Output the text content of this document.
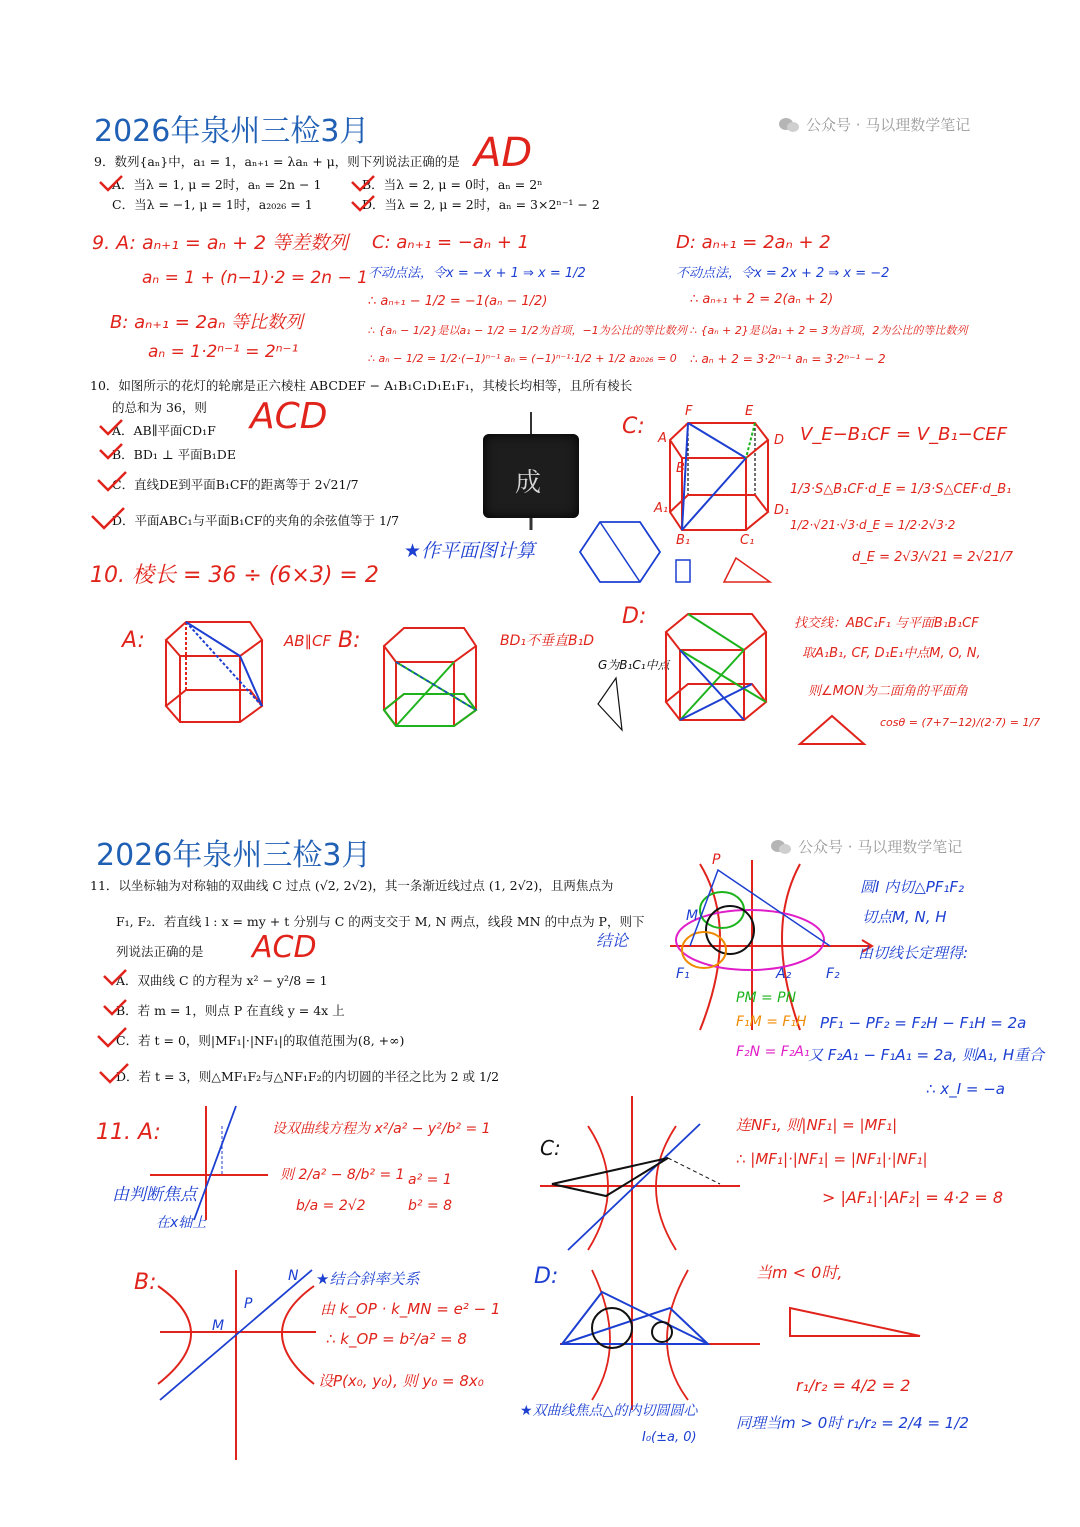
2026年泉州三检3月	公众号 · 马以理数学笔记
9．数列{aₙ}中，a₁ = 1，aₙ₊₁ = λaₙ + μ，则下列说法正确的是
A．当λ = 1, μ = 2时，aₙ = 2n − 1	B．当λ = 2, μ = 0时，aₙ = 2ⁿ
C．当λ = −1, μ = 1时，a₂₀₂₆ = 1	D．当λ = 2, μ = 2时，aₙ = 3×2ⁿ⁻¹ − 2
AD
9. A: aₙ₊₁ = aₙ + 2 等差数列
aₙ = 1 + (n−1)·2 = 2n − 1
B: aₙ₊₁ = 2aₙ 等比数列
aₙ = 1·2ⁿ⁻¹ = 2ⁿ⁻¹
C: aₙ₊₁ = −aₙ + 1
不动点法，令x = −x + 1 ⇒ x = 1/2
∴ aₙ₊₁ − 1/2 = −1(aₙ − 1/2)
∴ {aₙ − 1/2}是以a₁ − 1/2 = 1/2为首项，−1为公比的等比数列
∴ aₙ − 1/2 = 1/2·(−1)ⁿ⁻¹ aₙ = (−1)ⁿ⁻¹·1/2 + 1/2 a₂₀₂₆ = 0
D: aₙ₊₁ = 2aₙ + 2
不动点法，令x = 2x + 2 ⇒ x = −2
∴ aₙ₊₁ + 2 = 2(aₙ + 2)
∴ {aₙ + 2}是以a₁ + 2 = 3为首项，2为公比的等比数列
∴ aₙ + 2 = 3·2ⁿ⁻¹ aₙ = 3·2ⁿ⁻¹ − 2
10．如图所示的花灯的轮廓是正六棱柱 ABCDEF − A₁B₁C₁D₁E₁F₁，其棱长均相等，且所有棱长
的总和为 36，则
A．AB∥平面CD₁F
B．BD₁ ⊥ 平面B₁DE
C．直线DE到平面B₁CF的距离等于 2√21/7
D．平面ABC₁与平面B₁CF的夹角的余弦值等于 1/7
ACD
成
★作平面图计算
10. 棱长 = 36 ÷ (6×3) = 2
C:
F	E
A	D
A₁
B₁	C₁
D₁
B
V_E−B₁CF = V_B₁−CEF
1/3·S△B₁CF·d_E = 1/3·S△CEF·d_B₁
1/2·√21·√3·d_E = 1/2·2√3·2
d_E = 2√3/√21 = 2√21/7
A:	AB∥CF B:	BD₁不垂直B₁D
D:
G为B₁C₁中点
找交线：ABC₁F₁ 与平面B₁B₁CF
取A₁B₁, CF, D₁E₁中点M, O, N,
则∠MON为二面角的平面角
cosθ = (7+7−12)/(2·7) = 1/7
2026年泉州三检3月	公众号 · 马以理数学笔记
11．以坐标轴为对称轴的双曲线 C 过点 (√2, 2√2)，其一条渐近线过点 (1, 2√2)，且两焦点为
F₁, F₂．若直线 l : x = my + t 分别与 C 的两支交于 M, N 两点，线段 MN 的中点为 P，则下
列说法正确的是
A．双曲线 C 的方程为 x² − y²/8 = 1
B．若 m = 1，则点 P 在直线 y = 4x 上
C．若 t = 0，则|MF₁|·|NF₁|的取值范围为(8, +∞)
D．若 t = 3，则△MF₁F₂与△NF₁F₂的内切圆的半径之比为 2 或 1/2
ACD
P
M
F₁	A₂ F₂
结论
圆I 内切△PF₁F₂
切点M, N, H
由切线长定理得:
PM = PN
F₁M = F₁H
F₂N = F₂A₁
PF₁ − PF₂ = F₂H − F₁H = 2a
又 F₂A₁ − F₁A₁ = 2a, 则A₁, H重合
∴ x_I = −a
11. A:	设双曲线方程为 x²/a² − y²/b² = 1
则 2/a² − 8/b² = 1
b/a = 2√2
a² = 1
b² = 8
由判断焦点
在x轴上
B:
P
M
N ★结合斜率关系
由 k_OP · k_MN = e² − 1
∴ k_OP = b²/a² = 8
设P(x₀, y₀), 则 y₀ = 8x₀
C:
连NF₁, 则|NF₁| = |MF₁|
∴ |MF₁|·|NF₁| = |NF₁|·|NF₁|
> |AF₁|·|AF₂| = 4·2 = 8
D:	当m < 0时,
r₁/r₂ = 4/2 = 2
同理当m > 0时 r₁/r₂ = 2/4 = 1/2
★双曲线焦点△的内切圆圆心
I₀(±a, 0)
